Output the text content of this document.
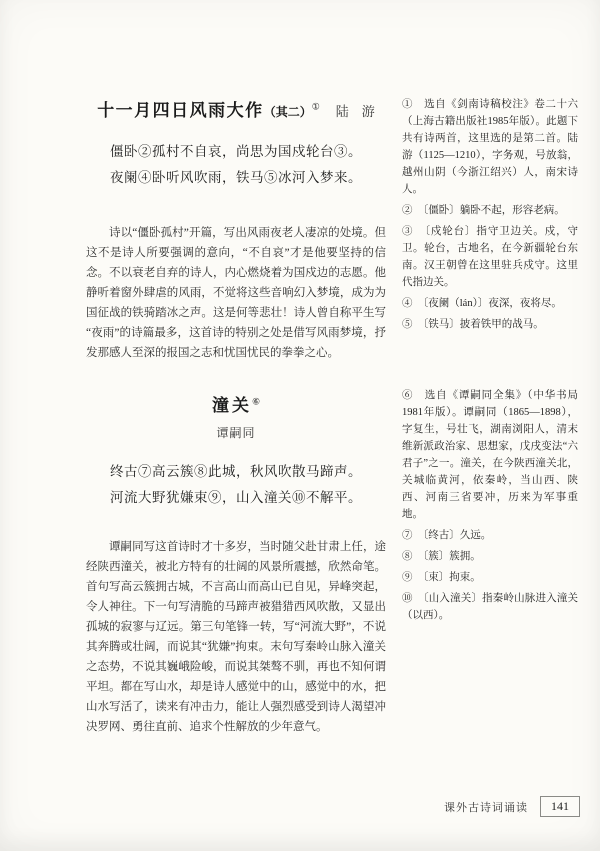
十一月四日风雨大作（其二）① 陆　游
僵卧②孤村不自哀，尚思为国戍轮台③。
夜阑④卧听风吹雨，铁马⑤冰河入梦来。

诗以“僵卧孤村”开篇，写出风雨夜老人凄凉的处境。但这不是诗人所要强调的意向，“不自哀”才是他要坚持的信念。不以衰老自弃的诗人，内心燃烧着为国戍边的志愿。他静听着窗外肆虐的风雨，不觉将这些音响幻入梦境，成为为国征战的铁骑踏冰之声。这是何等悲壮！诗人曾自称平生写“夜雨”的诗篇最多，这首诗的特别之处是借写风雨梦境，抒发那感人至深的报国之志和忧国忧民的拳拳之心。

①　选自《剑南诗稿校注》卷二十六（上海古籍出版社1985年版）。此题下共有诗两首，这里选的是第二首。陆游（1125—1210），字务观，号放翁，越州山阴（今浙江绍兴）人，南宋诗人。

②　〔僵卧〕躺卧不起，形容老病。

③　〔戍轮台〕指守卫边关。戍，守卫。轮台，古地名，在今新疆轮台东南。汉王朝曾在这里驻兵戍守。这里代指边关。

④　〔夜阑（lán）〕夜深，夜将尽。

⑤　〔铁马〕披着铁甲的战马。

潼关⑥
谭嗣同
终古⑦高云簇⑧此城，秋风吹散马蹄声。
河流大野犹嫌束⑨，山入潼关⑩不解平。

谭嗣同写这首诗时才十多岁，当时随父赴甘肃上任，途经陕西潼关，被北方特有的壮阔的风景所震撼，欣然命笔。首句写高云簇拥古城，不言高山而高山已自见，异峰突起，令人神往。下一句写清脆的马蹄声被猎猎西风吹散，又显出孤城的寂寥与辽远。第三句笔锋一转，写“河流大野”，不说其奔腾或壮阔，而说其“犹嫌”拘束。末句写秦岭山脉入潼关之态势，不说其巍峨险峻，而说其桀骜不驯，再也不知何谓平坦。都在写山水，却是诗人感觉中的山，感觉中的水，把山水写活了，读来有冲击力，能让人强烈感受到诗人渴望冲决罗网、勇往直前、追求个性解放的少年意气。

⑥　选自《谭嗣同全集》（中华书局1981年版）。谭嗣同（1865—1898），字复生，号壮飞，湖南浏阳人，清末维新派政治家、思想家，戊戌变法“六君子”之一。潼关，在今陕西潼关北，关城临黄河，依秦岭，当山西、陕西、河南三省要冲，历来为军事重地。

⑦　〔终古〕久远。

⑧　〔簇〕簇拥。

⑨　〔束〕拘束。

⑩　〔山入潼关〕指秦岭山脉进入潼关（以西）。

课外古诗词诵读	141
